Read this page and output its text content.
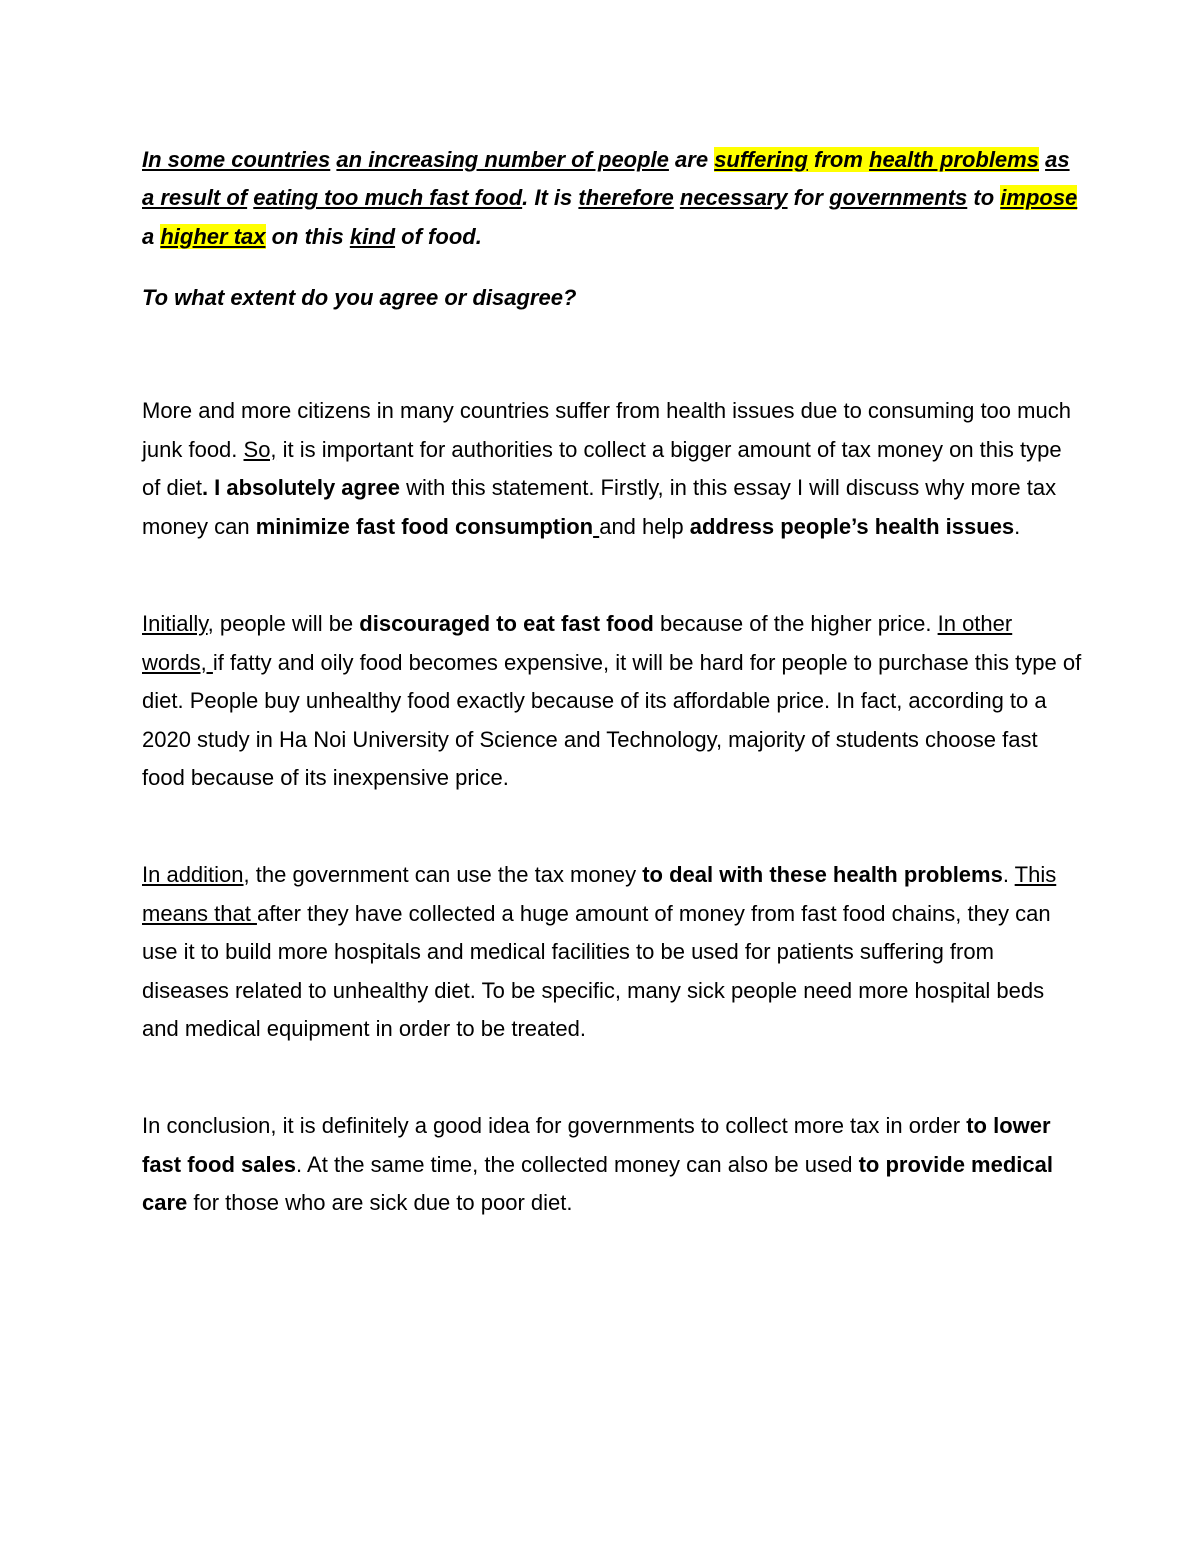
In some countries an increasing number of people are suffering from health problems as a result of eating too much fast food. It is therefore necessary for governments to impose a higher tax on this kind of food.

To what extent do you agree or disagree?

More and more citizens in many countries suffer from health issues due to consuming too much junk food. So, it is important for authorities to collect a bigger amount of tax money on this type of diet. I absolutely agree with this statement. Firstly, in this essay I will discuss why more tax money can minimize fast food consumption and help address people’s health issues.

Initially, people will be discouraged to eat fast food because of the higher price. In other words, if fatty and oily food becomes expensive, it will be hard for people to purchase this type of diet. People buy unhealthy food exactly because of its affordable price. In fact, according to a 2020 study in Ha Noi University of Science and Technology, majority of students choose fast food because of its inexpensive price.

In addition, the government can use the tax money to deal with these health problems. This means that after they have collected a huge amount of money from fast food chains, they can use it to build more hospitals and medical facilities to be used for patients suffering from diseases related to unhealthy diet. To be specific, many sick people need more hospital beds and medical equipment in order to be treated.

In conclusion, it is definitely a good idea for governments to collect more tax in order to lower fast food sales. At the same time, the collected money can also be used to provide medical care for those who are sick due to poor diet.
